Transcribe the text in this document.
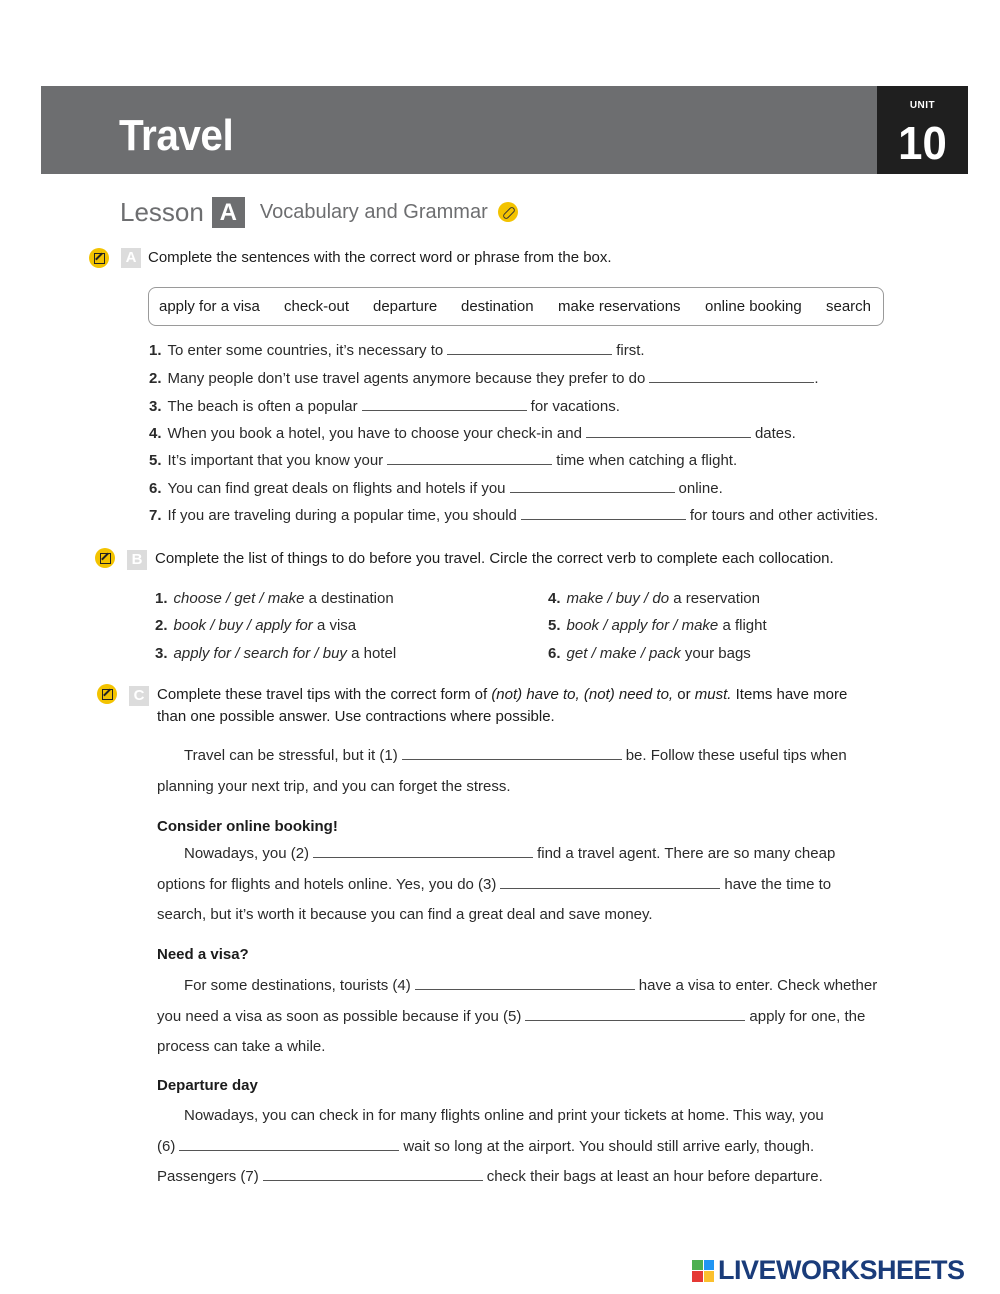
Travel
UNIT
10
Lesson A	Vocabulary and Grammar
A Complete the sentences with the correct word or phrase from the box.
apply for a visa check-out departure destination make reservations online booking search
1. To enter some countries, it’s necessary to	first.
2. Many people don’t use travel agents anymore because they prefer to do	.
3. The beach is often a popular	for vacations.
4. When you book a hotel, you have to choose your check-in and	dates.
5. It’s important that you know your	time when catching a flight.
6. You can find great deals on flights and hotels if you	online.
7. If you are traveling during a popular time, you should	for tours and other activities.
B Complete the list of things to do before you travel. Circle the correct verb to complete each collocation.
1. choose / get / make a destination
2. book / buy / apply for a visa
3. apply for / search for / buy a hotel
4. make / buy / do a reservation
5. book / apply for / make a flight
6. get / make / pack your bags
C Complete these travel tips with the correct form of (not) have to, (not) need to, or must. Items have more
than one possible answer. Use contractions where possible.
Travel can be stressful, but it (1)	be. Follow these useful tips when
planning your next trip, and you can forget the stress.
Consider online booking!
Nowadays, you (2)	find a travel agent. There are so many cheap
options for flights and hotels online. Yes, you do (3)	have the time to
search, but it’s worth it because you can find a great deal and save money.
Need a visa?
For some destinations, tourists (4)	have a visa to enter. Check whether
you need a visa as soon as possible because if you (5)	apply for one, the
process can take a while.
Departure day
Nowadays, you can check in for many flights online and print your tickets at home. This way, you
(6)	wait so long at the airport. You should still arrive early, though.
Passengers (7)	check their bags at least an hour before departure.
LIVEWORKSHEETS
